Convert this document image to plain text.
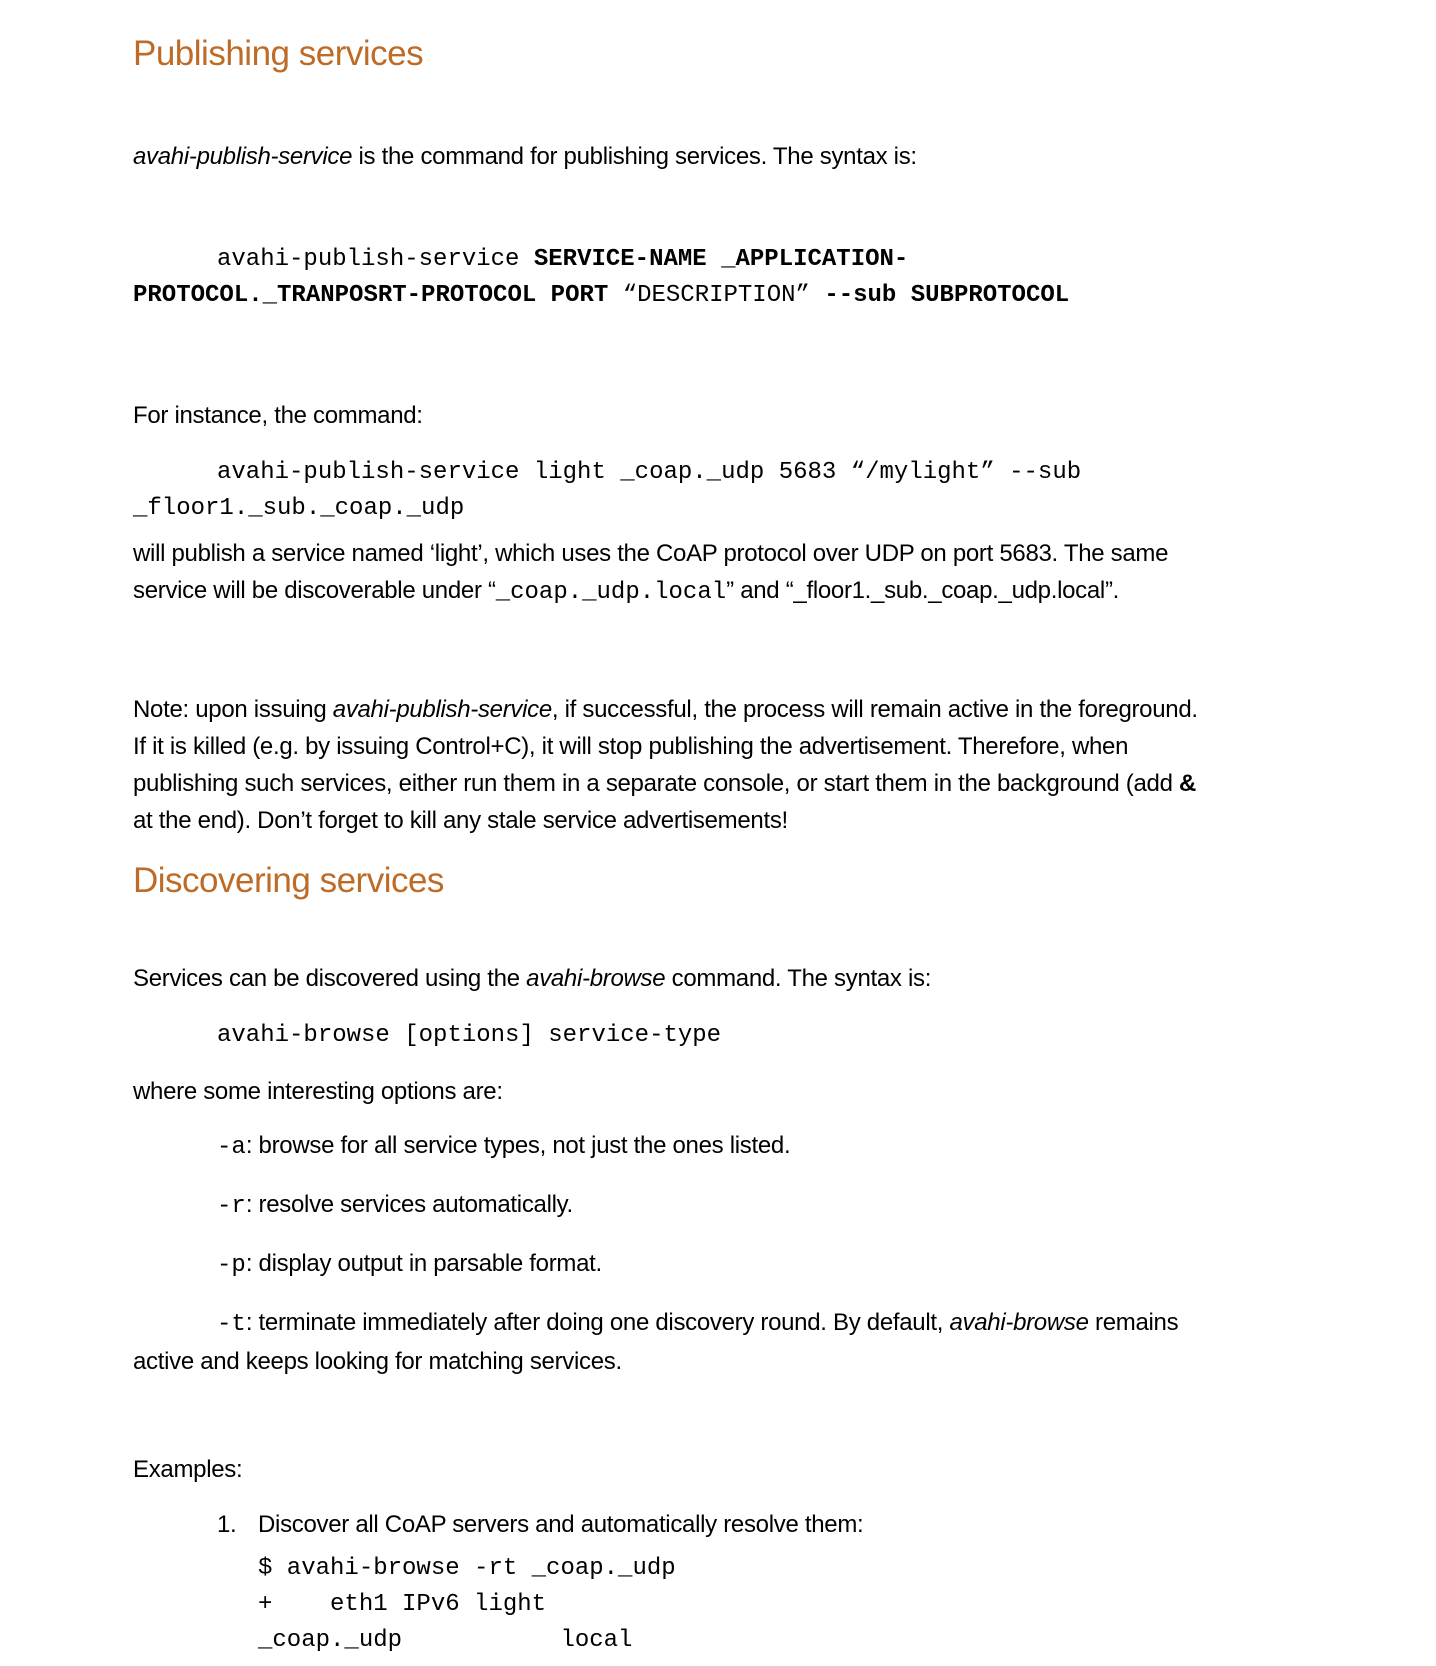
Publishing services
avahi-publish-service is the command for publishing services. The syntax is:
avahi-publish-service SERVICE-NAME _APPLICATION-
PROTOCOL._TRANPOSRT-PROTOCOL PORT “DESCRIPTION” --sub SUBPROTOCOL
For instance, the command:
avahi-publish-service light _coap._udp 5683 “/mylight” --sub
_floor1._sub._coap._udp
will publish a service named ‘light’, which uses the CoAP protocol over UDP on port 5683. The same
service will be discoverable under “_coap._udp.local” and “_floor1._sub._coap._udp.local”.
Note: upon issuing avahi-publish-service, if successful, the process will remain active in the foreground.
If it is killed (e.g. by issuing Control+C), it will stop publishing the advertisement. Therefore, when
publishing such services, either run them in a separate console, or start them in the background (add &
at the end). Don’t forget to kill any stale service advertisements!
Discovering services
Services can be discovered using the avahi-browse command. The syntax is:
avahi-browse [options] service-type
where some interesting options are:
-a: browse for all service types, not just the ones listed.
-r: resolve services automatically.
-p: display output in parsable format.
-t: terminate immediately after doing one discovery round. By default, avahi-browse remains
active and keeps looking for matching services.
Examples:
1. Discover all CoAP servers and automatically resolve them:
$ avahi-browse -rt _coap._udp
+    eth1 IPv6 light
_coap._udp           local
